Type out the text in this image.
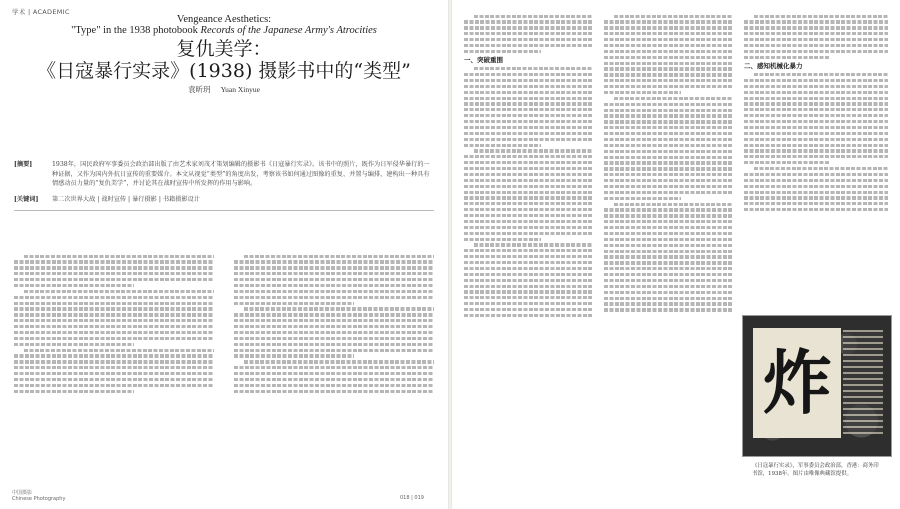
学术 | ACADEMIC
Vengeance Aesthetics:
"Type" in the 1938 photobook Records of the Japanese Army's Atrocities
复仇美学：
《日寇暴行实录》(1938) 摄影书中的“类型”
袁昕玥 Yuan Xinyue
[摘要]	1938年，国民政府军事委员会政治部出版了由艺术家刘茂才策划编辑的摄影书《日寇暴行实录》。该书中的照片，既作为日军侵华暴行的一种证据，又作为国内外抗日宣传的重要媒介。本文从视觉“类型”的角度出发，考察该书如何通过图像的重复、并置与编排，建构出一种具有情感动员力量的“复仇美学”，并讨论其在战时宣传中所发挥的作用与影响。
[关键词]	第二次世界大战 | 战时宣传 | 暴行摄影 | 书籍摄影设计
中国摄影
Chinese Photography	018 | 019
一、突破重围
二、感知机械化暴力
炸
《日寇暴行实录》，军事委员会政治部，香港：商务印书馆，1938年。图片由唯像典藏馆提供。
